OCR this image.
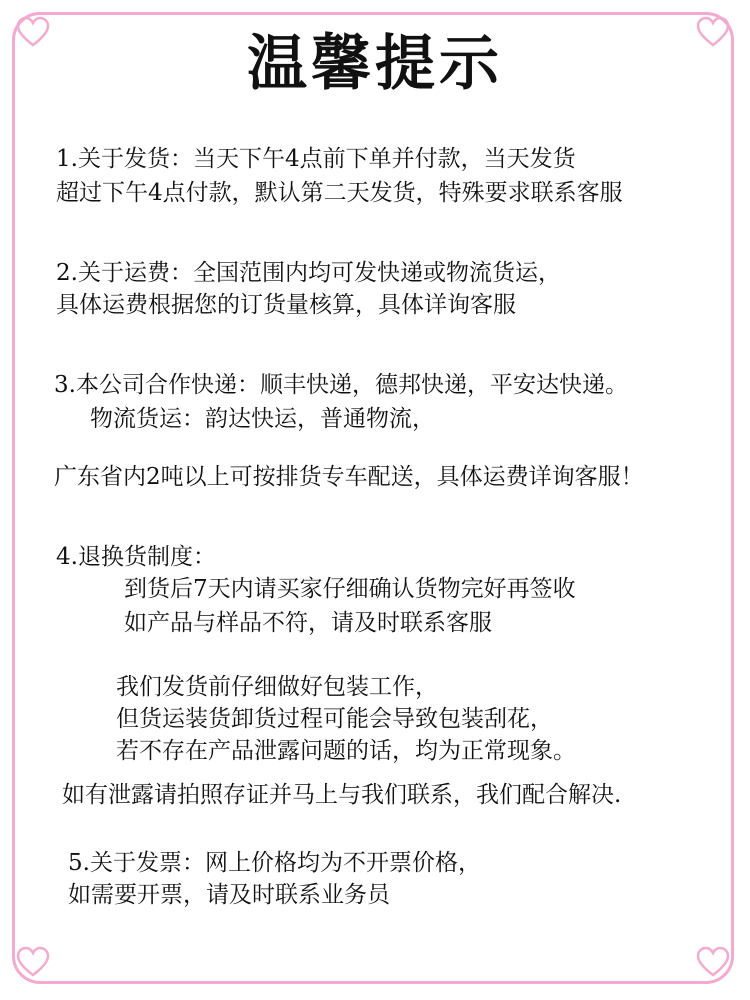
温馨提示
1.关于发货：当天下午4点前下单并付款，当天发货
超过下午4点付款，默认第二天发货，特殊要求联系客服
2.关于运费：全国范围内均可发快递或物流货运，
具体运费根据您的订货量核算，具体详询客服
3.本公司合作快递：顺丰快递，德邦快递，平安达快递。
物流货运：韵达快运，普通物流，
广东省内2吨以上可按排货专车配送，具体运费详询客服！
4.退换货制度：
到货后7天内请买家仔细确认货物完好再签收
如产品与样品不符，请及时联系客服
我们发货前仔细做好包装工作，
但货运装货卸货过程可能会导致包装刮花，
若不存在产品泄露问题的话，均为正常现象。
如有泄露请拍照存证并马上与我们联系，我们配合解决.
5.关于发票：网上价格均为不开票价格，
如需要开票，请及时联系业务员
